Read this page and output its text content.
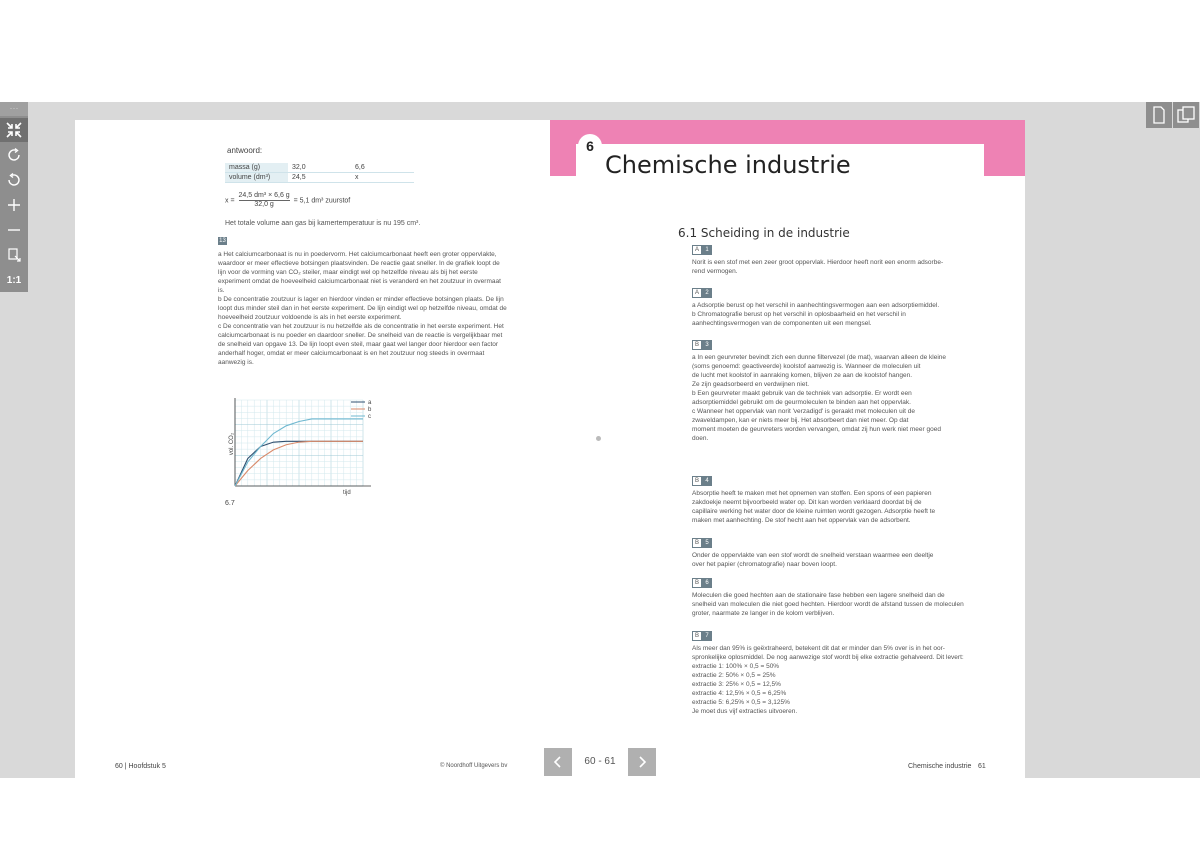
···
1:1
antwoord:
massa (g)	32,0	6,6
volume (dm³)	24,5	x
$x = \frac{\text{24,5 dm³ × 6,6 g}}{32,0 g} = 5,1$ dm³ zuurstof
Het totale volume aan gas bij kamertemperatuur is nu 195 cm³.
13

a Het calciumcarbonaat is nu in poedervorm. Het calciumcarbonaat heeft een groter oppervlakte, waardoor er meer effectieve botsingen plaatsvinden. De reactie gaat sneller. In de grafiek loopt de lijn voor de vorming van CO₂ steiler, maar eindigt wel op hetzelfde niveau als bij het eerste experiment omdat de hoeveelheid calciumcarbonaat niet is veranderd en het zoutzuur in overmaat is.

b De concentratie zoutzuur is lager en hierdoor vinden er minder effectieve botsingen plaats. De lijn loopt dus minder steil dan in het eerste experiment. De lijn eindigt wel op hetzelfde niveau, omdat de hoeveelheid zoutzuur voldoende is als in het eerste experiment.

c De concentratie van het zoutzuur is nu hetzelfde als de concentratie in het eerste experiment. Het calciumcarbonaat is nu poeder en daardoor sneller. De snelheid van de reactie is vergelijkbaar met de snelheid van opgave 13. De lijn loopt even steil, maar gaat wel langer door hierdoor een factor anderhalf hoger, omdat er meer calciumcarbonaat is en het zoutzuur nog steeds in overmaat aanwezig is.

vol. CO₂
tijd
a
b
c
6.7
60 | Hoofdstuk 5	© Noordhoff Uitgevers bv
6
Chemische industrie
6.1 Scheiding in de industrie
A	1

Norit is een stof met een zeer groot oppervlak. Hierdoor heeft norit een enorm adsorbe-

rend vermogen.

A	2

a Adsorptie berust op het verschil in aanhechtingsvermogen aan een adsorptiemiddel.

b Chromatografie berust op het verschil in oplosbaarheid en het verschil in

aanhechtingsvermogen van de componenten uit een mengsel.

B	3

a In een geurvreter bevindt zich een dunne filtervezel (de mat), waarvan alleen de kleine

(soms genoemd: geactiveerde) koolstof aanwezig is. Wanneer de moleculen uit

de lucht met koolstof in aanraking komen, blijven ze aan de koolstof hangen.

Ze zijn geadsorbeerd en verdwijnen niet.

b Een geurvreter maakt gebruik van de techniek van adsorptie. Er wordt een

adsorptiemiddel gebruikt om de geurmoleculen te binden aan het oppervlak.

c Wanneer het oppervlak van norit 'verzadigd' is geraakt met moleculen uit de

zwaveldampen, kan er niets meer bij. Het absorbeert dan niet meer. Op dat

moment moeten de geurvreters worden vervangen, omdat zij hun werk niet meer goed

doen.

B	4

Absorptie heeft te maken met het opnemen van stoffen. Een spons of een papieren

zakdoekje neemt bijvoorbeeld water op. Dit kan worden verklaard doordat bij de

capillaire werking het water door de kleine ruimten wordt gezogen. Adsorptie heeft te

maken met aanhechting. De stof hecht aan het oppervlak van de adsorbent.

B	5

Onder de oppervlakte van een stof wordt de snelheid verstaan waarmee een deeltje

over het papier (chromatografie) naar boven loopt.

B	6

Moleculen die goed hechten aan de stationaire fase hebben een lagere snelheid dan de

snelheid van moleculen die niet goed hechten. Hierdoor wordt de afstand tussen de moleculen

groter, naarmate ze langer in de kolom verblijven.

B	7

Als meer dan 95% is geëxtraheerd, betekent dit dat er minder dan 5% over is in het oor-

spronkelijke oplosmiddel. De nog aanwezige stof wordt bij elke extractie gehalveerd. Dit levert:

extractie 1: 100% × 0,5 = 50%

extractie 2: 50% × 0,5 = 25%

extractie 3: 25% × 0,5 = 12,5%

extractie 4: 12,5% × 0,5 = 6,25%

extractie 5: 6,25% × 0,5 = 3,125%

Je moet dus vijf extracties uitvoeren.

Chemische industrie 61
60 - 61
